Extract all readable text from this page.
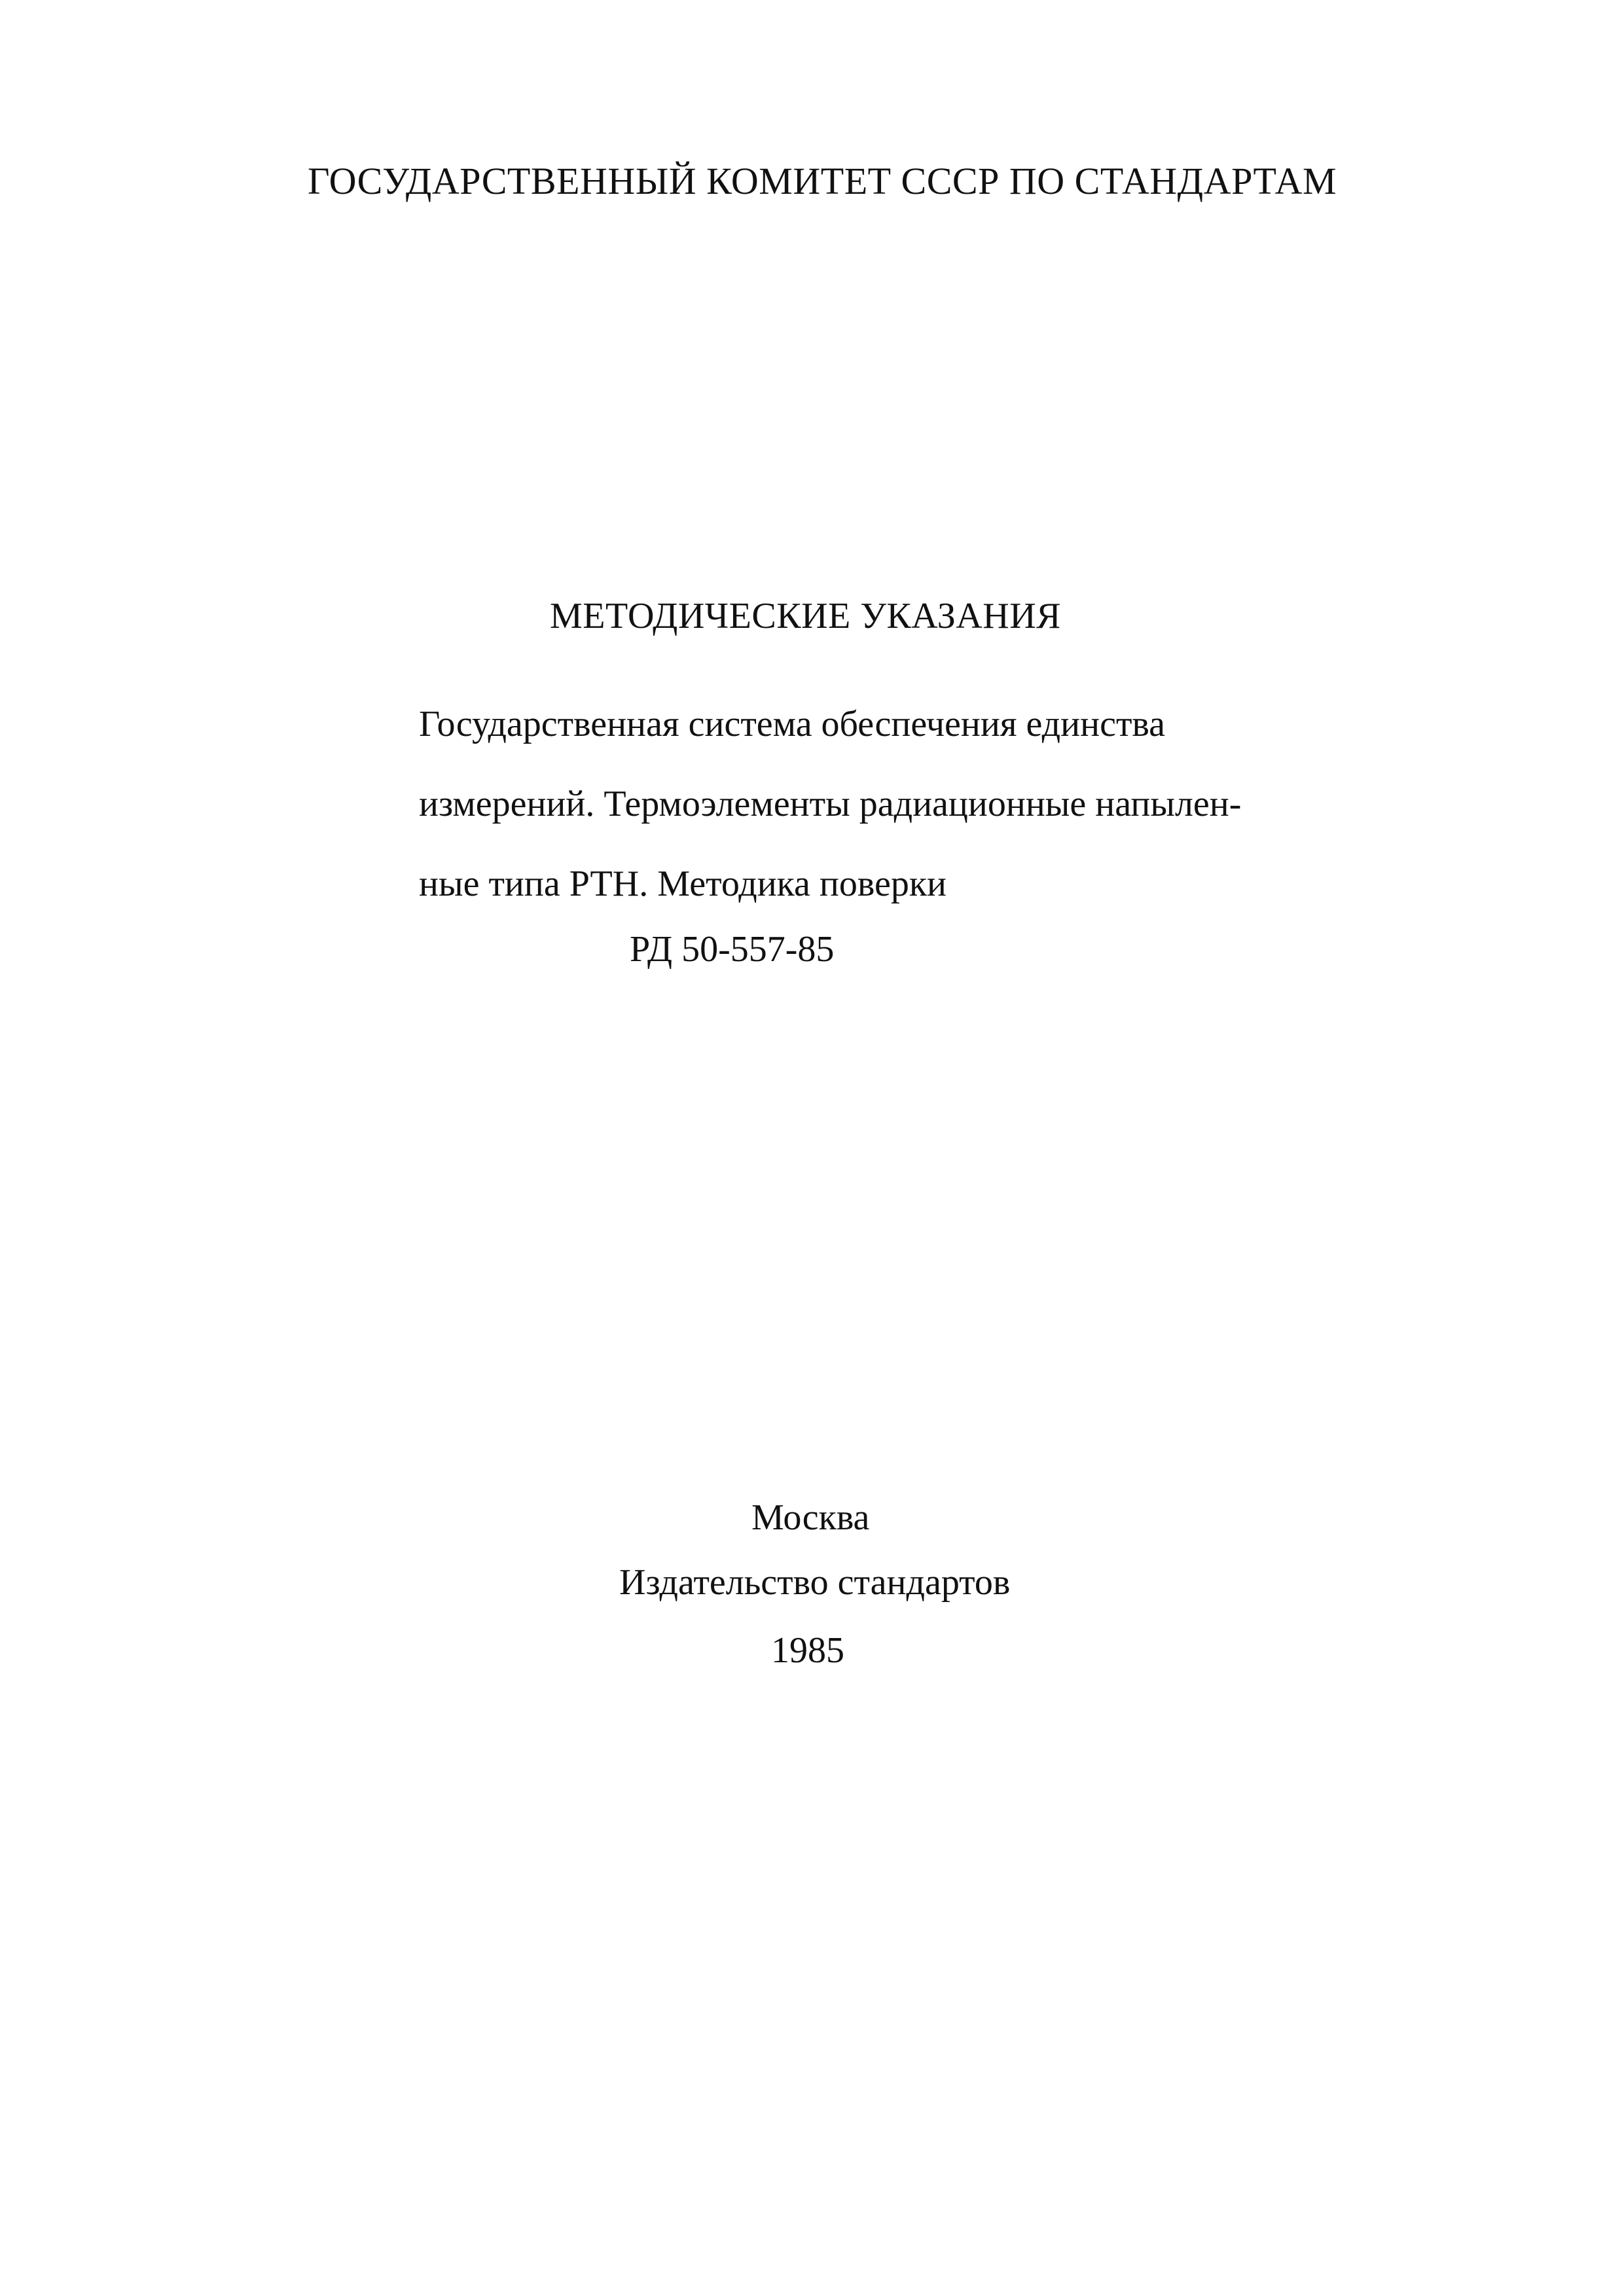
ГОСУДАРСТВЕННЫЙ КОМИТЕТ СССР ПО СТАНДАРТАМ
МЕТОДИЧЕСКИЕ УКАЗАНИЯ
Государственная система обеспечения единства
измерений. Термоэлементы радиационные напылен-
ные типа РТН. Методика поверки
РД 50-557-85
Москва
Издательство стандартов
1985
